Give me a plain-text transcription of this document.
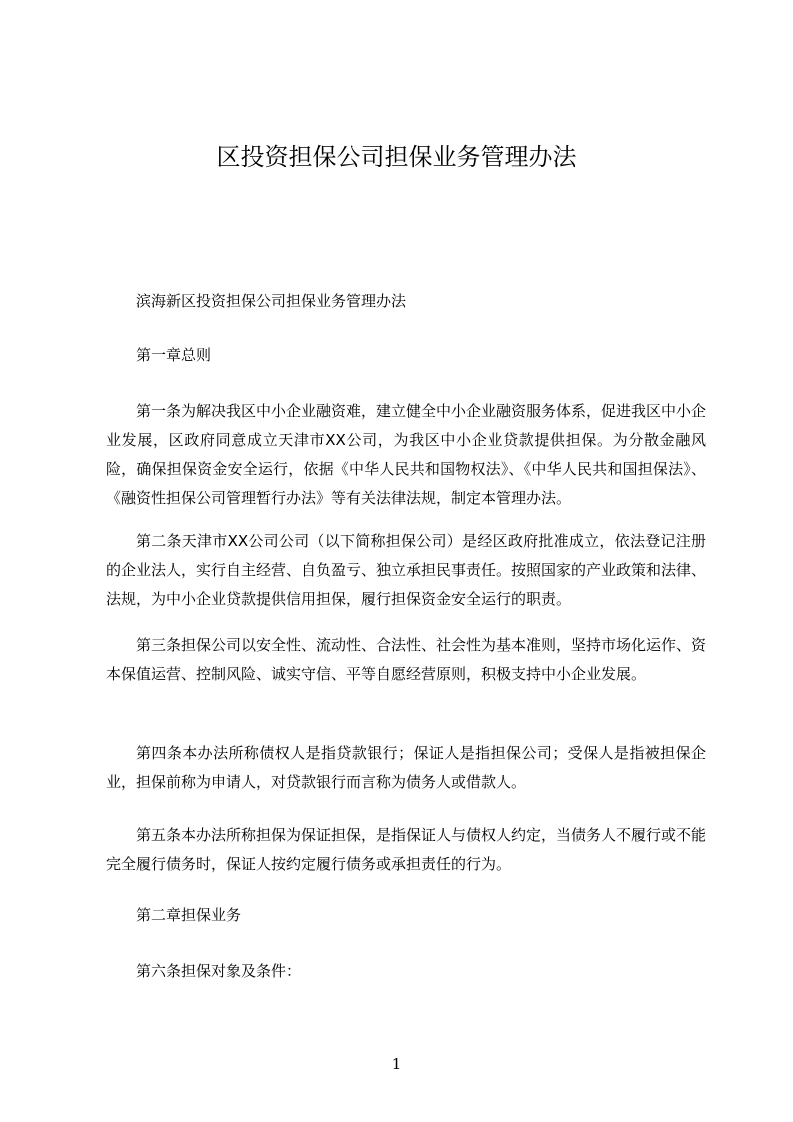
区投资担保公司担保业务管理办法
滨海新区投资担保公司担保业务管理办法
第一章总则
第一条为解决我区中小企业融资难，建立健全中小企业融资服务体系，促进我区中小企业发展，区政府同意成立天津市XX公司，为我区中小企业贷款提供担保。为分散金融风险，确保担保资金安全运行，依据《中华人民共和国物权法》、《中华人民共和国担保法》、《融资性担保公司管理暂行办法》等有关法律法规，制定本管理办法。
第二条天津市XX公司公司（以下简称担保公司）是经区政府批准成立，依法登记注册的企业法人，实行自主经营、自负盈亏、独立承担民事责任。按照国家的产业政策和法律、法规，为中小企业贷款提供信用担保，履行担保资金安全运行的职责。
第三条担保公司以安全性、流动性、合法性、社会性为基本准则，坚持市场化运作、资本保值运营、控制风险、诚实守信、平等自愿经营原则，积极支持中小企业发展。
第四条本办法所称债权人是指贷款银行；保证人是指担保公司；受保人是指被担保企业，担保前称为申请人，对贷款银行而言称为债务人或借款人。
第五条本办法所称担保为保证担保，是指保证人与债权人约定，当债务人不履行或不能完全履行债务时，保证人按约定履行债务或承担责任的行为。
第二章担保业务
第六条担保对象及条件：
1
